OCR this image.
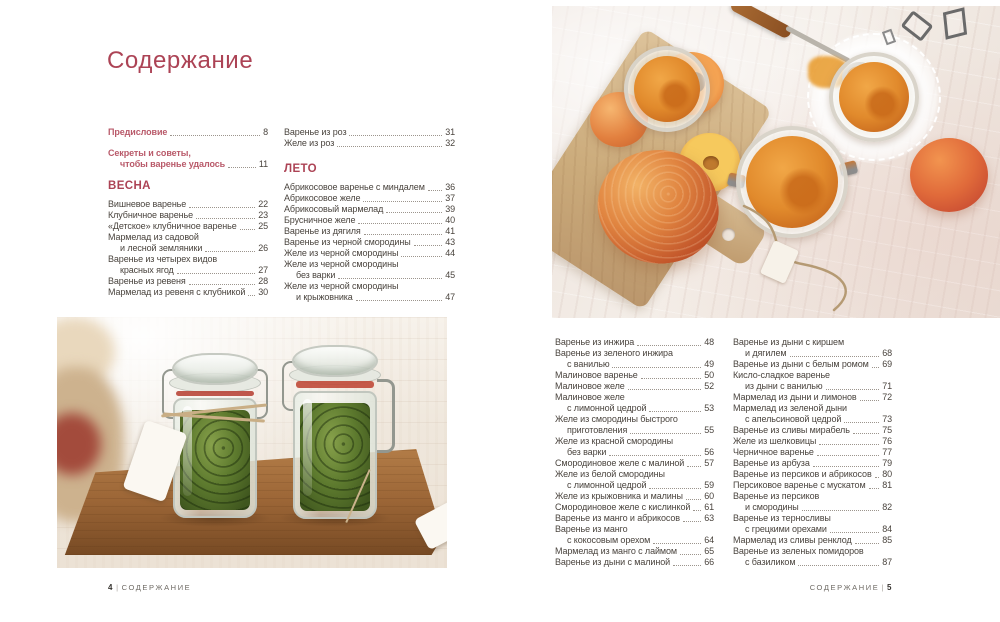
Содержание
Предисловие	8
Секреты и советы,
чтобы варенье удалось	11
ВЕСНА
Вишневое варенье	22
Клубничное варенье	23
«Детское» клубничное варенье 25
Мармелад из садовой
и лесной земляники	26
Варенье из четырех видов
красных ягод	27
Варенье из ревеня	28
Мармелад из ревеня с клубникой 30
Варенье из роз	31
Желе из роз	32
ЛЕТО
Абрикосовое варенье с миндалем 36
Абрикосовое желе	37
Абрикосовый мармелад	39
Брусничное желе	40
Варенье из дягиля	41
Варенье из черной смородины	43
Желе из черной смородины	44
Желе из черной смородины
без варки	45
Желе из черной смородины
и крыжовника	47
4 | СОДЕРЖАНИЕ
Варенье из инжира	48
Варенье из зеленого инжира
с ванилью	49
Малиновое варенье	50
Малиновое желе	52
Малиновое желе
с лимонной цедрой	53
Желе из смородины быстрого
приготовления	55
Желе из красной смородины
без варки	56
Смородиновое желе с малиной 57
Желе из белой смородины
с лимонной цедрой	59
Желе из крыжовника и малины 60
Смородиновое желе с кислинкой 61
Варенье из манго и абрикосов	63
Варенье из манго
с кокосовым орехом	64
Мармелад из манго с лаймом	65
Варенье из дыни с малиной	66
Варенье из дыни с киршем
и дягилем	68
Варенье из дыни с белым ромом 69
Кисло-сладкое варенье
из дыни с ванилью	71
Мармелад из дыни и лимонов	72
Мармелад из зеленой дыни
с апельсиновой цедрой	73
Варенье из сливы мирабель	75
Желе из шелковицы	76
Черничное варенье	77
Варенье из арбуза	79
Варенье из персиков и абрикосов 80
Персиковое варенье с мускатом 81
Варенье из персиков
и смородины	82
Варенье из терносливы
с грецкими орехами	84
Мармелад из сливы ренклод	85
Варенье из зеленых помидоров
с базиликом	87
СОДЕРЖАНИЕ | 5
